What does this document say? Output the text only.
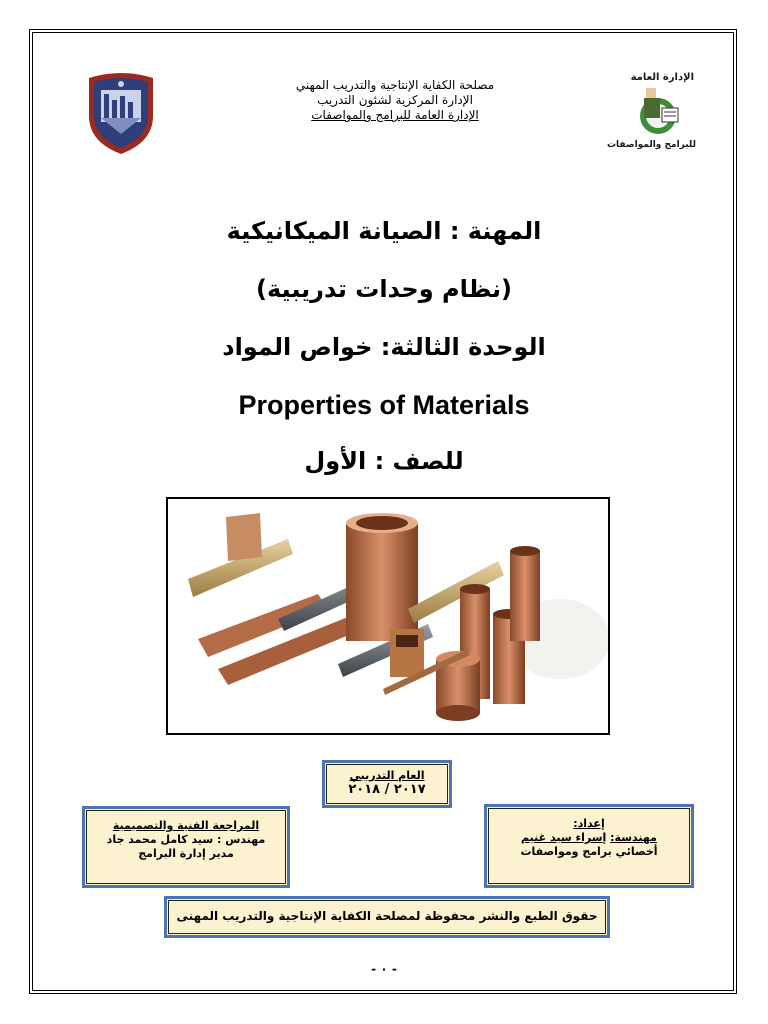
مصلحة الكفاية الإنتاجية والتدريب المهني
الإدارة المركزية لشئون التدريب
الإدارة العامة للبرامج والمواصفات
الإدارة العامة
للبرامج والمواصفات
المهنة : الصيانة الميكانيكية
(نظام وحدات تدريبية)
الوحدة الثالثة: خواص المواد
Properties of Materials
للصف : الأول
العام التدريبي
٢٠١٧ / ٢٠١٨
المراجعة الفنية والتصميمية
مهندس : سيد كامل محمد جاد
مدير إدارة البرامج
إعداد:
مهندسة: إسراء سيد غنيم
أخصائي برامج ومواصفات
حقوق الطبع والنشر محفوظة لمصلحة الكفاية الإنتاجية والتدريب المهنى
- ٠ -
